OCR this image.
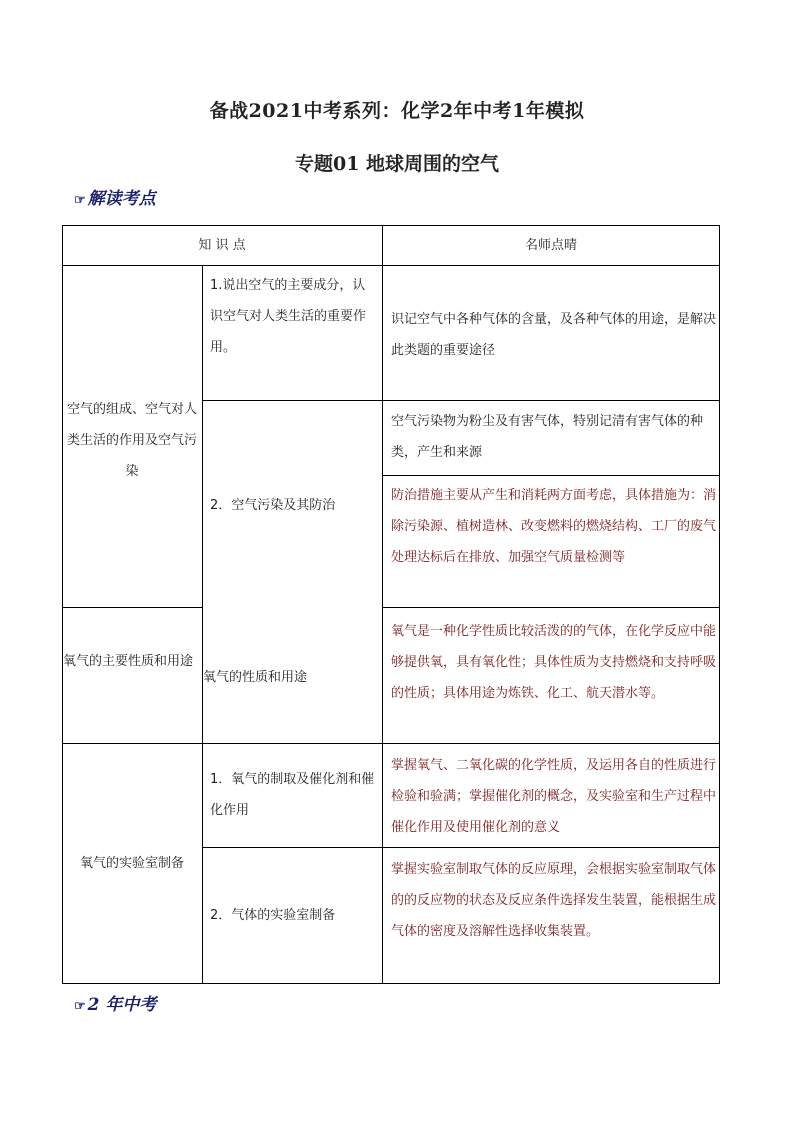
备战2021中考系列：化学2年中考1年模拟
专题01 地球周围的空气
☞ 解读考点
知 识 点	名师点晴
空气的组成、空气对人类生活的作用及空气污染
氧气的主要性质和用途
氧气的实验室制备
1.说出空气的主要成分，认识空气对人类生活的重要作用。
2．空气污染及其防治
氧气的性质和用途
1．氧气的制取及催化剂和催化作用
2．气体的实验室制备
识记空气中各种气体的含量，及各种气体的用途，是解决此类题的重要途径
空气污染物为粉尘及有害气体，特别记清有害气体的种类，产生和来源
防治措施主要从产生和消耗两方面考虑，具体措施为：消除污染源、植树造林、改变燃料的燃烧结构、工厂的废气处理达标后在排放、加强空气质量检测等
氧气是一种化学性质比较活泼的的气体，在化学反应中能够提供氧，具有氧化性；具体性质为支持燃烧和支持呼吸的性质；具体用途为炼铁、化工、航天潜水等。
掌握氧气、二氧化碳的化学性质，及运用各自的性质进行检验和验满；掌握催化剂的概念，及实验室和生产过程中催化作用及使用催化剂的意义
掌握实验室制取气体的反应原理，会根据实验室制取气体的的反应物的状态及反应条件选择发生装置，能根据生成气体的密度及溶解性选择收集装置。
☞ 2 年中考
